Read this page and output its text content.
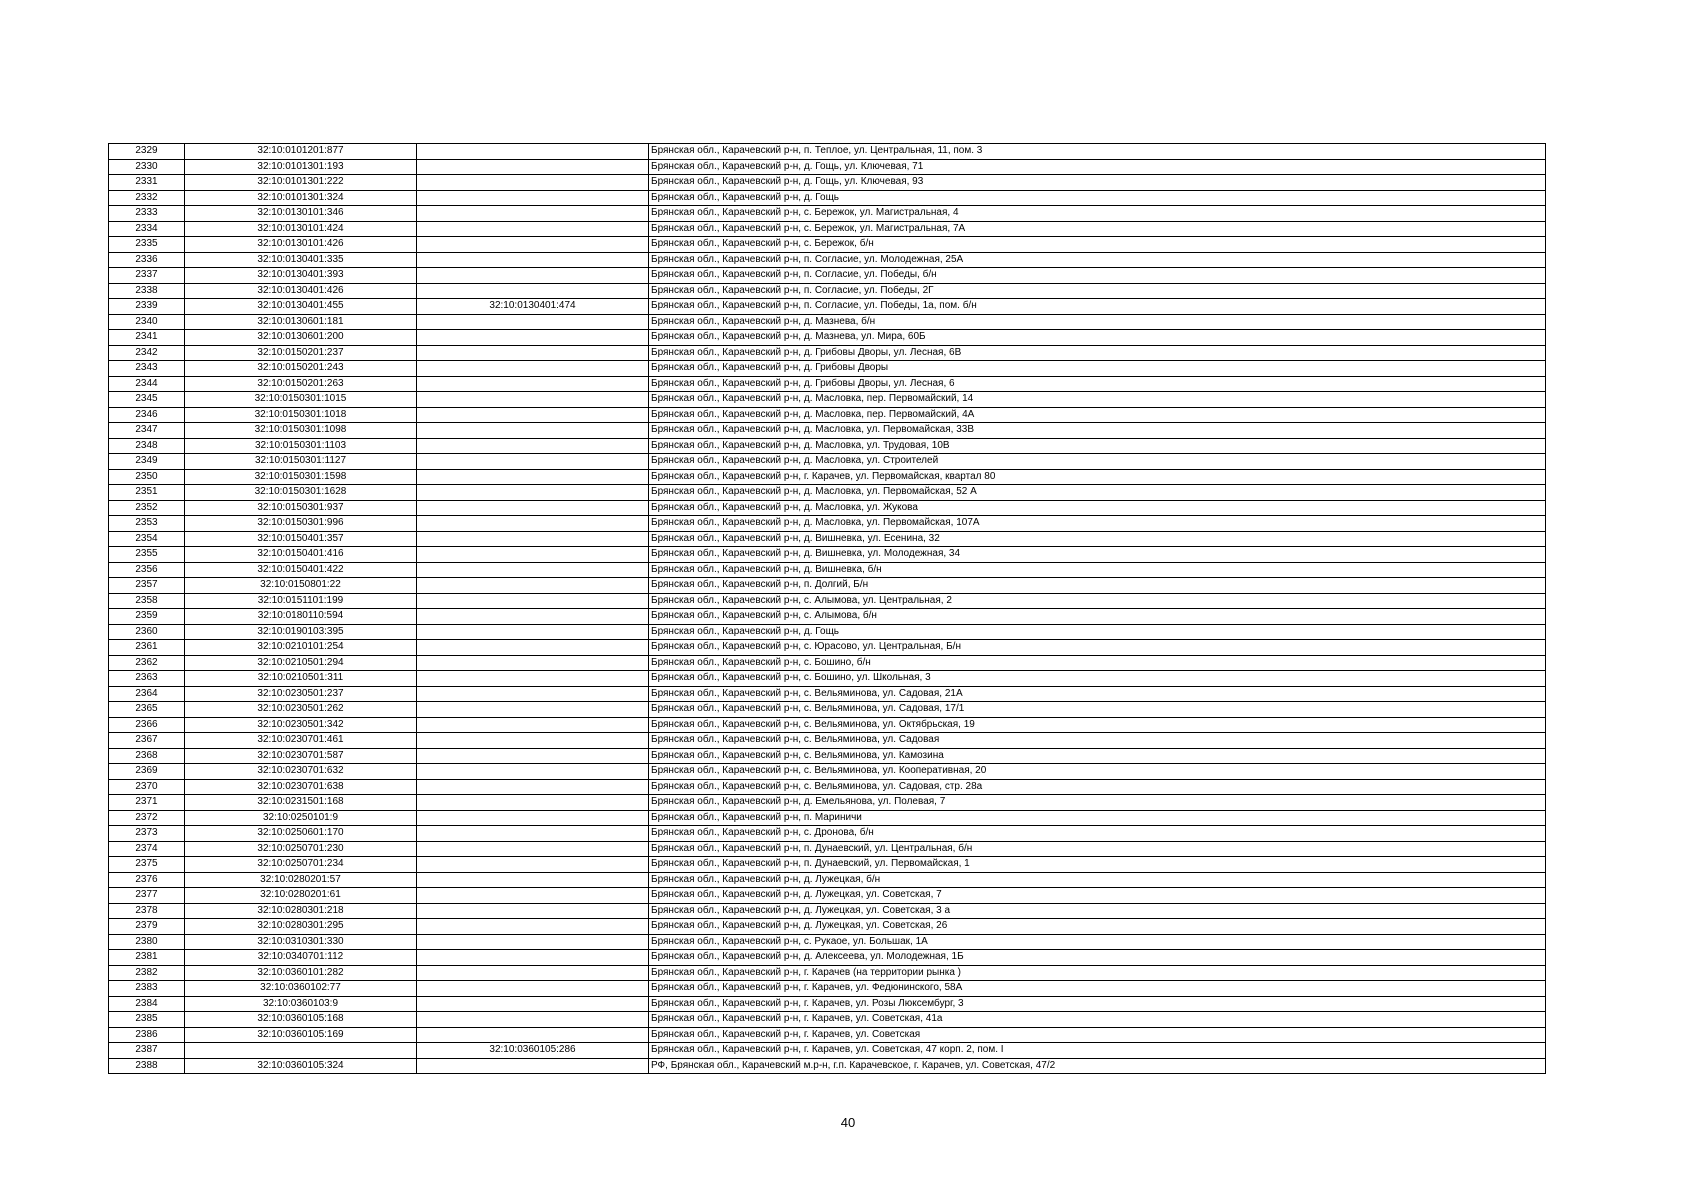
2329	32:10:0101201:877		Брянская обл., Карачевский р-н, п. Теплое, ул. Центральная, 11, пом. 3
2330	32:10:0101301:193		Брянская обл., Карачевский р-н, д. Гощь, ул. Ключевая, 71
2331	32:10:0101301:222		Брянская обл., Карачевский р-н, д. Гощь, ул. Ключевая, 93
2332	32:10:0101301:324		Брянская обл., Карачевский р-н, д. Гощь
2333	32:10:0130101:346		Брянская обл., Карачевский р-н, с. Бережок, ул. Магистральная, 4
2334	32:10:0130101:424		Брянская обл., Карачевский р-н, с. Бережок, ул. Магистральная, 7А
2335	32:10:0130101:426		Брянская обл., Карачевский р-н, с. Бережок, б/н
2336	32:10:0130401:335		Брянская обл., Карачевский р-н, п. Согласие, ул. Молодежная, 25А
2337	32:10:0130401:393		Брянская обл., Карачевский р-н, п. Согласие, ул. Победы, б/н
2338	32:10:0130401:426		Брянская обл., Карачевский р-н, п. Согласие, ул. Победы, 2Г
2339	32:10:0130401:455	32:10:0130401:474	Брянская обл., Карачевский р-н, п. Согласие, ул. Победы, 1а, пом. б/н
2340	32:10:0130601:181		Брянская обл., Карачевский р-н, д. Мазнева, б/н
2341	32:10:0130601:200		Брянская обл., Карачевский р-н, д. Мазнева, ул. Мира, 60Б
2342	32:10:0150201:237		Брянская обл., Карачевский р-н, д. Грибовы Дворы, ул. Лесная, 6В
2343	32:10:0150201:243		Брянская обл., Карачевский р-н, д. Грибовы Дворы
2344	32:10:0150201:263		Брянская обл., Карачевский р-н, д. Грибовы Дворы, ул. Лесная, 6
2345	32:10:0150301:1015		Брянская обл., Карачевский р-н, д. Масловка, пер. Первомайский, 14
2346	32:10:0150301:1018		Брянская обл., Карачевский р-н, д. Масловка, пер. Первомайский, 4А
2347	32:10:0150301:1098		Брянская обл., Карачевский р-н, д. Масловка, ул. Первомайская, 33В
2348	32:10:0150301:1103		Брянская обл., Карачевский р-н, д. Масловка, ул. Трудовая, 10В
2349	32:10:0150301:1127		Брянская обл., Карачевский р-н, д. Масловка, ул. Строителей
2350	32:10:0150301:1598		Брянская обл., Карачевский р-н, г. Карачев, ул. Первомайская, квартал 80
2351	32:10:0150301:1628		Брянская обл., Карачевский р-н, д. Масловка, ул. Первомайская, 52 А
2352	32:10:0150301:937		Брянская обл., Карачевский р-н, д. Масловка, ул. Жукова
2353	32:10:0150301:996		Брянская обл., Карачевский р-н, д. Масловка, ул. Первомайская, 107А
2354	32:10:0150401:357		Брянская обл., Карачевский р-н, д. Вишневка, ул. Есенина, 32
2355	32:10:0150401:416		Брянская обл., Карачевский р-н, д. Вишневка, ул. Молодежная, 34
2356	32:10:0150401:422		Брянская обл., Карачевский р-н, д. Вишневка, б/н
2357	32:10:0150801:22		Брянская обл., Карачевский р-н, п. Долгий, Б/н
2358	32:10:0151101:199		Брянская обл., Карачевский р-н, с. Алымова, ул. Центральная, 2
2359	32:10:0180110:594		Брянская обл., Карачевский р-н, с. Алымова, б/н
2360	32:10:0190103:395		Брянская обл., Карачевский р-н, д. Гощь
2361	32:10:0210101:254		Брянская обл., Карачевский р-н, с. Юрасово, ул. Центральная, Б/н
2362	32:10:0210501:294		Брянская обл., Карачевский р-н, с. Бошино, б/н
2363	32:10:0210501:311		Брянская обл., Карачевский р-н, с. Бошино, ул. Школьная, 3
2364	32:10:0230501:237		Брянская обл., Карачевский р-н, с. Вельяминова, ул. Садовая, 21А
2365	32:10:0230501:262		Брянская обл., Карачевский р-н, с. Вельяминова, ул. Садовая, 17/1
2366	32:10:0230501:342		Брянская обл., Карачевский р-н, с. Вельяминова, ул. Октябрьская, 19
2367	32:10:0230701:461		Брянская обл., Карачевский р-н, с. Вельяминова, ул. Садовая
2368	32:10:0230701:587		Брянская обл., Карачевский р-н, с. Вельяминова, ул. Камозина
2369	32:10:0230701:632		Брянская обл., Карачевский р-н, с. Вельяминова, ул. Кооперативная, 20
2370	32:10:0230701:638		Брянская обл., Карачевский р-н, с. Вельяминова, ул. Садовая, стр. 28а
2371	32:10:0231501:168		Брянская обл., Карачевский р-н, д. Емельянова, ул. Полевая, 7
2372	32:10:0250101:9		Брянская обл., Карачевский р-н, п. Мариничи
2373	32:10:0250601:170		Брянская обл., Карачевский р-н, с. Дронова, б/н
2374	32:10:0250701:230		Брянская обл., Карачевский р-н, п. Дунаевский, ул. Центральная, б/н
2375	32:10:0250701:234		Брянская обл., Карачевский р-н, п. Дунаевский, ул. Первомайская, 1
2376	32:10:0280201:57		Брянская обл., Карачевский р-н, д. Лужецкая, б/н
2377	32:10:0280201:61		Брянская обл., Карачевский р-н, д. Лужецкая, ул. Советская, 7
2378	32:10:0280301:218		Брянская обл., Карачевский р-н, д. Лужецкая, ул. Советская, 3 а
2379	32:10:0280301:295		Брянская обл., Карачевский р-н, д. Лужецкая, ул. Советская, 26
2380	32:10:0310301:330		Брянская обл., Карачевский р-н, с. Рукаое, ул. Большак, 1А
2381	32:10:0340701:112		Брянская обл., Карачевский р-н, д. Алексеева, ул. Молодежная, 1Б
2382	32:10:0360101:282		Брянская обл., Карачевский р-н, г. Карачев (на территории рынка )
2383	32:10:0360102:77		Брянская обл., Карачевский р-н, г. Карачев, ул. Федюнинского, 58А
2384	32:10:0360103:9		Брянская обл., Карачевский р-н, г. Карачев, ул. Розы Люксембург, 3
2385	32:10:0360105:168		Брянская обл., Карачевский р-н, г. Карачев, ул. Советская, 41а
2386	32:10:0360105:169		Брянская обл., Карачевский р-н, г. Карачев, ул. Советская
2387		32:10:0360105:286	Брянская обл., Карачевский р-н, г. Карачев, ул. Советская, 47 корп. 2, пом. I
2388	32:10:0360105:324		РФ, Брянская обл., Карачевский м.р-н, г.п. Карачевское, г. Карачев, ул. Советская, 47/2
40
